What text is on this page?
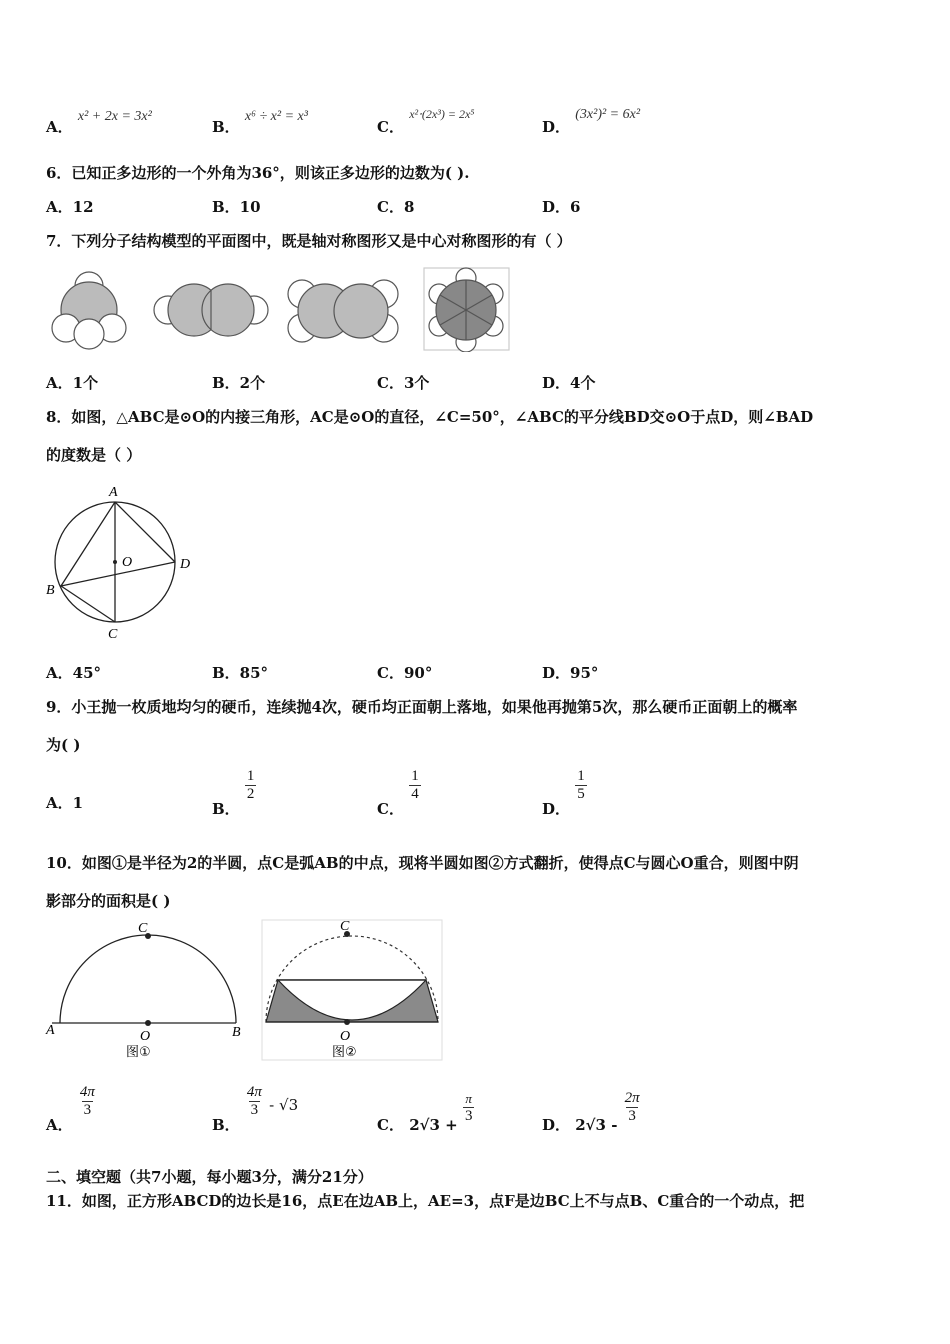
A． x² + 2x = 3x²
B． x⁶ ÷ x² = x³
C． $^{x^2\cdot(2x^3) = 2x^5}$
D． (3x²)² = 6x²
6．已知正多边形的一个外角为36°，则该正多边形的边数为( ).
A．12	B．10	C．8	D．6
7．下列分子结构模型的平面图中，既是轴对称图形又是中心对称图形的有（ ）
A．1个	B．2个	C．3个	D．4个
8．如图，△ABC是⊙O的内接三角形，AC是⊙O的直径，∠C=50°，∠ABC的平分线BD交⊙O于点D，则∠BAD
的度数是（ ）
A
B
C
D
O
A．45°	B．85°	C．90°	D．95°
9．小王抛一枚质地均匀的硬币，连续抛4次，硬币均正面朝上落地，如果他再抛第5次，那么硬币正面朝上的概率
为( )
A．1	B．
$\frac{1}{2}$
C．
$\frac{1}{4}$
D．
$\frac{1}{5}$
10．如图①是半径为2的半圆，点C是弧AB的中点，现将半圆如图②方式翻折，使得点C与圆心O重合，则图中阴
影部分的面积是( )
C
A	B
O
图①
C
O
图②
A．
$\frac{4\pi}{3}$
B．
$\frac{4\pi}{3} - √3$
C． $2√3 + \frac{\pi}{3}$	D． $2√3 - \frac{2\pi}{3}$
二、填空题（共7小题，每小题3分，满分21分）
11．如图，正方形ABCD的边长是16，点E在边AB上，AE=3，点F是边BC上不与点B、C重合的一个动点，把
